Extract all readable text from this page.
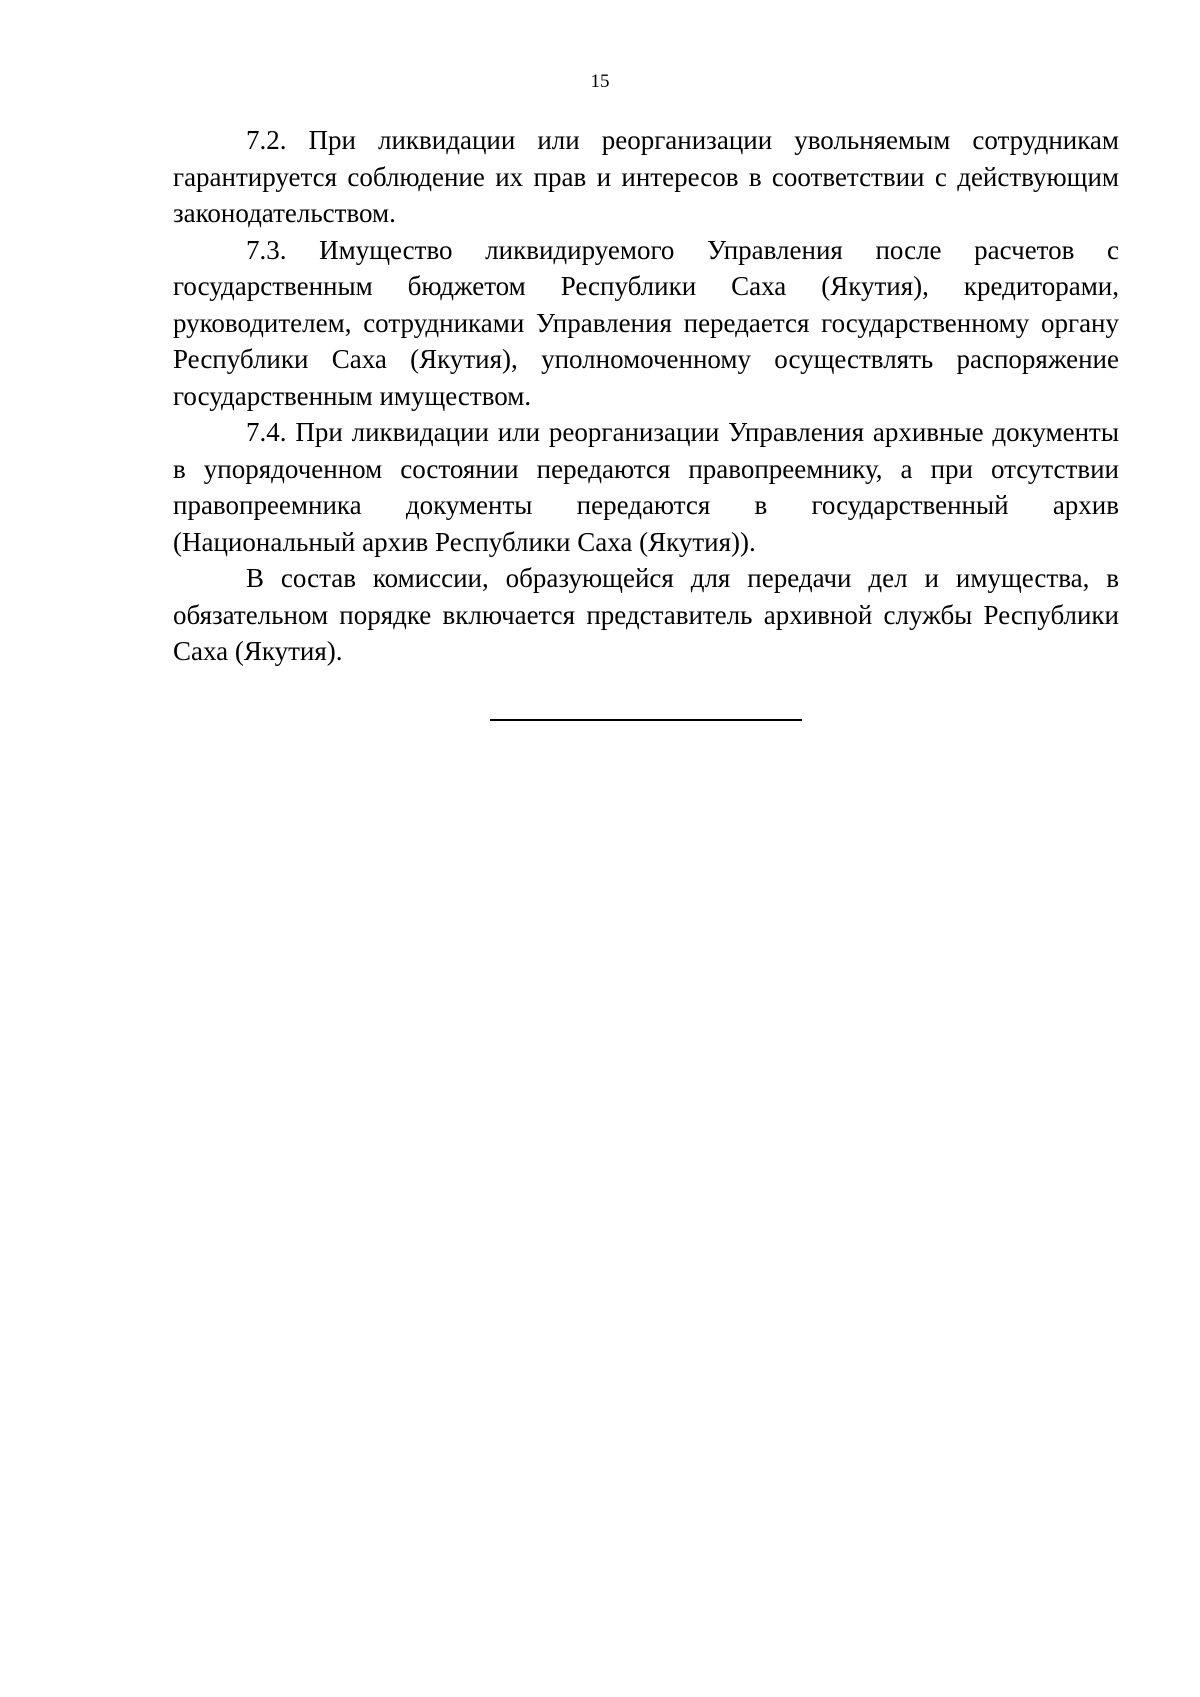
15

7.2. При ликвидации или реорганизации увольняемым сотрудникам гарантируется соблюдение их прав и интересов в соответствии с действующим законодательством.

7.3. Имущество ликвидируемого Управления после расчетов с государственным бюджетом Республики Саха (Якутия), кредиторами, руководителем, сотрудниками Управления передается государственному органу Республики Саха (Якутия), уполномоченному осуществлять распоряжение государственным имуществом.

7.4. При ликвидации или реорганизации Управления архивные документы в упорядоченном состоянии передаются правопреемнику, а при отсутствии правопреемника документы передаются в государственный архив (Национальный архив Республики Саха (Якутия)).

В состав комиссии, образующейся для передачи дел и имущества, в обязательном порядке включается представитель архивной службы Республики Саха (Якутия).
